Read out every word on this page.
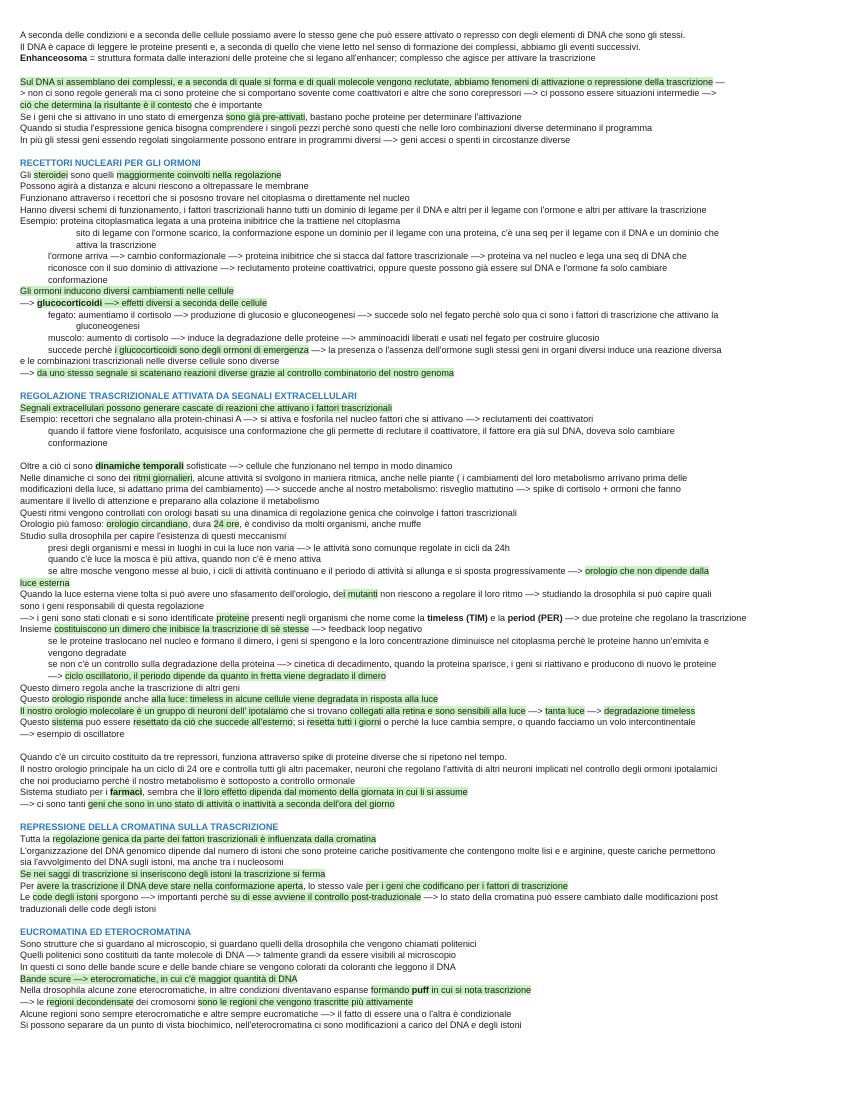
A seconda delle condizioni e a seconda delle cellule possiamo avere lo stesso gene che può essere attivato o represso con degli elementi di DNA che sono gli stessi.

Il DNA è capace di leggere le proteine presenti e, a seconda di quello che viene letto nel senso di formazione dei complessi, abbiamo gli eventi successivi.

Enhanceosoma = struttura formata dalle interazioni delle proteine che si legano all'enhancer; complesso che agisce per attivare la trascrizione

Sul DNA si assemblano dei complessi, e a seconda di quale si forma e di quali molecole vengono reclutate, abbiamo fenomeni di attivazione o repressione della trascrizione —

> non ci sono regole generali ma ci sono proteine che si comportano sovente come coattivatori e altre che sono corepressori —> ci possono essere situazioni intermedie —>

ciò che determina la risultante è il contesto che è importante

Se i geni che si attivano in uno stato di emergenza sono già pre-attivati, bastano poche proteine per determinare l'attivazione

Quando si studia l'espressione genica bisogna comprendere i singoli pezzi perchè sono questi che nelle loro combinazioni diverse determinano il programma

In più gli stessi geni essendo regolati singolarmente possono entrare in programmi diversi —> geni accesi o spenti in circostanze diverse

RECETTORI NUCLEARI PER GLI ORMONI

Gli steroidei sono quelli maggiormente coinvolti nella regolazione

Possono agirà a distanza e alcuni riescono a oltrepassare le membrane

Funzionano attraverso i recettori che si pososno trovare nel citoplasma o direttamente nel nucleo

Hanno diversi schemi di funzionamento, i fattori trascrizionali hanno tutti un dominio di legame per il DNA e altri per il legame con l'ormone e altri per attivare la trascrizione

Esempio: proteina citoplasmatica legata a una proteina inibitrice che la trattiene nel citoplasma

sito di legame con l'ormone scarico, la conformazione espone un dominio per il legame con una proteina, c'è una seq per il legame con il DNA e un dominio che

attiva la trascrizione

l'ormone arriva —> cambio conformazionale —> proteina inibitrice che si stacca dal fattore trascrizionale —> proteina va nel nucleo e lega una seq di DNA che

riconosce con il suo dominio di attivazione —> reclutamento proteine coattivatrici, oppure queste possono già essere sul DNA e l'ormone fa solo cambiare

conformazione

Gli ormoni inducono diversi cambiamenti nelle cellule

—> glucocorticoidi —> effetti diversi a seconda delle cellule

fegato: aumentiamo il cortisolo —> produzione di glucosio e gluconeogenesi —> succede solo nel fegato perchè solo qua ci sono i fattori di trascrizione che attivano la

gluconeogenesi

muscolo: aumento di cortisolo —> induce la degradazione delle proteine —> amminoacidi liberati e usati nel fegato per costruire glucosio

succede perchè i glucocorticoidi sono degli ormoni di emergenza —> la presenza o l'assenza dell'ormone sugli stessi geni in organi diversi induce una reazione diversa

e le combinazioni trascrizionali nelle diverse cellule sono diverse

—> da uno stesso segnale si scatenano reazioni diverse grazie al controllo combinatorio del nostro genoma

REGOLAZIONE TRASCRIZIONALE ATTIVATA DA SEGNALI EXTRACELLULARI

Segnali extracellulari possono generare cascate di reazioni che attivano i fattori trascrizionali

Esempio: recettori che segnalano alla protein-chinasi A —> si attiva e fosforila nel nucleo fattori che si attivano —> reclutamenti dei coattivatori

quando il fattore viene fosforilato, acquisisce una conformazione che gli permette di reclutare il coattivatore, il fattore era già sul DNA, doveva solo cambiare

conformazione

Oltre a ciò ci sono dinamiche temporali sofisticate —> cellule che funzionano nel tempo in modo dinamico

Nelle dinamiche ci sono dei ritmi giornalieri, alcune attività si svolgono in maniera ritmica, anche nelle piante ( i cambiamenti del loro metabolismo arrivano prima delle

modificazioni della luce, si adattano prima del cambiamento) —> succede anche al nostro metabolismo: risveglio mattutino —> spike di cortisolo + ormoni che fanno

aumentare il livello di attenzione e preparano alla colazione il metabolismo

Questi ritmi vengono controllati con orologi basati su una dinamica di regolazione genica che coinvolge i fattori trascrizionali

Orologio più famoso: orologio circandiano, dura 24 ore, è condiviso da molti organismi, anche muffe

Studio sulla drosophila per capire l'esistenza di questi meccanismi

presi degli organismi e messi in luoghi in cui la luce non varia —> le attività sono comunque regolate in cicli da 24h

quando c'è luce la mosca è più attiva, quando non c'è è meno attiva

se altre mosche vengono messe al buio, i cicli di attività continuano e il periodo di attività si allunga e si sposta progressivamente —> orologio che non dipende dalla

luce esterna

Quando la luce esterna viene tolta si può avere uno sfasamento dell'orologio, dei mutanti non riescono a regolare il loro ritmo —> studiando la drosophila si può capire quali

sono i geni responsabili di questa regolazione

—> i geni sono stati clonati e si sono identificate proteine presenti negli organismi che nome come la timeless (TIM) e la period (PER) —> due proteine che regolano la trascrizione

Insieme costituiscono un dimero che inibisce la trascrizione di sè stesse —> feedback loop negativo

se le proteine traslocano nel nucleo e formano il dimero, i geni si spengono e la loro concentrazione diminuisce nel citoplasma perchè le proteine hanno un'emivita e

vengono degradate

se non c'è un controllo sulla degradazione della proteina —> cinetica di decadimento, quando la proteina sparisce, i geni si riattivano e producono di nuovo le proteine

—> ciclo oscillatorio, il periodo dipende da quanto in fretta viene degradato il dimero

Questo dimero regola anche la trascrizione di altri geni

Questo orologio risponde anche alla luce: timeless in alcune cellule viene degradata in risposta alla luce

Il nostro orologio molecolare è un gruppo di neuroni dell' ipotalamo che si trovano collegati alla retina e sono sensibili alla luce —> tanta luce —> degradazione timeless

Questo sistema può essere resettato da ciò che succede all'esterno; si resetta tutti i giorni o perchè la luce cambia sempre, o quando facciamo un volo intercontinentale

—> esempio di oscillatore

Quando c'è un circuito costituito da tre repressori, funziona attraverso spike di proteine diverse che si ripetono nel tempo.

Il nostro orologio principale ha un ciclo di 24 ore e controlla tutti gli altri pacemaker, neuroni che regolano l'attività di altri neuroni implicati nel controllo degli ormoni ipotalamici

che noi produciamo perchè il nostro metabolismo è sottoposto a controllo ormonale

Sistema studiato per i farmaci, sembra che il loro effetto dipenda dal momento della giornata in cui li si assume

—> ci sono tanti geni che sono in uno stato di attività o inattività a seconda dell'ora del giorno

REPRESSIONE DELLA CROMATINA SULLA TRASCRIZIONE

Tutta la regolazione genica da parte dei fattori trascrizionali è influenzata dalla cromatina

L'organizzazione del DNA genomico dipende dal numero di istoni che sono proteine cariche positivamente che contengono molte lisi e e arginine, queste cariche permettono

sia l'avvolgimento del DNA sugli istoni, ma anche tra i nucleosomi

Se nei saggi di trascrizione si inseriscono degli istoni la trascrizione si ferma

Per avere la trascrizione il DNA deve stare nella conformazione aperta, lo stesso vale per i geni che codificano per i fattori di trascrizione

Le code degli istoni sporgono —> importanti perchè su di esse avviene il controllo post-traduzionale —> lo stato della cromatina può essere cambiato dalle modificazioni post

traduzionali delle code degli istoni

EUCROMATINA ED ETEROCROMATINA

Sono strutture che si guardano al microscopio, si guardano quelli della drosophila che vengono chiamati politenici

Quelli politenici sono costituiti da tante molecole di DNA —> talmente grandi da essere visibili al microscopio

In questi ci sono delle bande scure e delle bande chiare se vengono colorati da coloranti che leggono il DNA

Bande scure —> eterocromatiche, in cui c'è maggior quantità di DNA

Nella drosophila alcune zone eterocromatiche, in altre condizioni diventavano espanse formando puff in cui si nota trascrizione

—> le regioni decondensate dei cromosomi sono le regioni che vengono trascritte più attivamente

Alcune regioni sono sempre eterocromatiche e altre sempre eucromatiche —> il fatto di essere una o l'altra è condizionale

Si possono separare da un punto di vista biochimico, nell'eterocromatina ci sono modificazioni a carico del DNA e degli istoni
